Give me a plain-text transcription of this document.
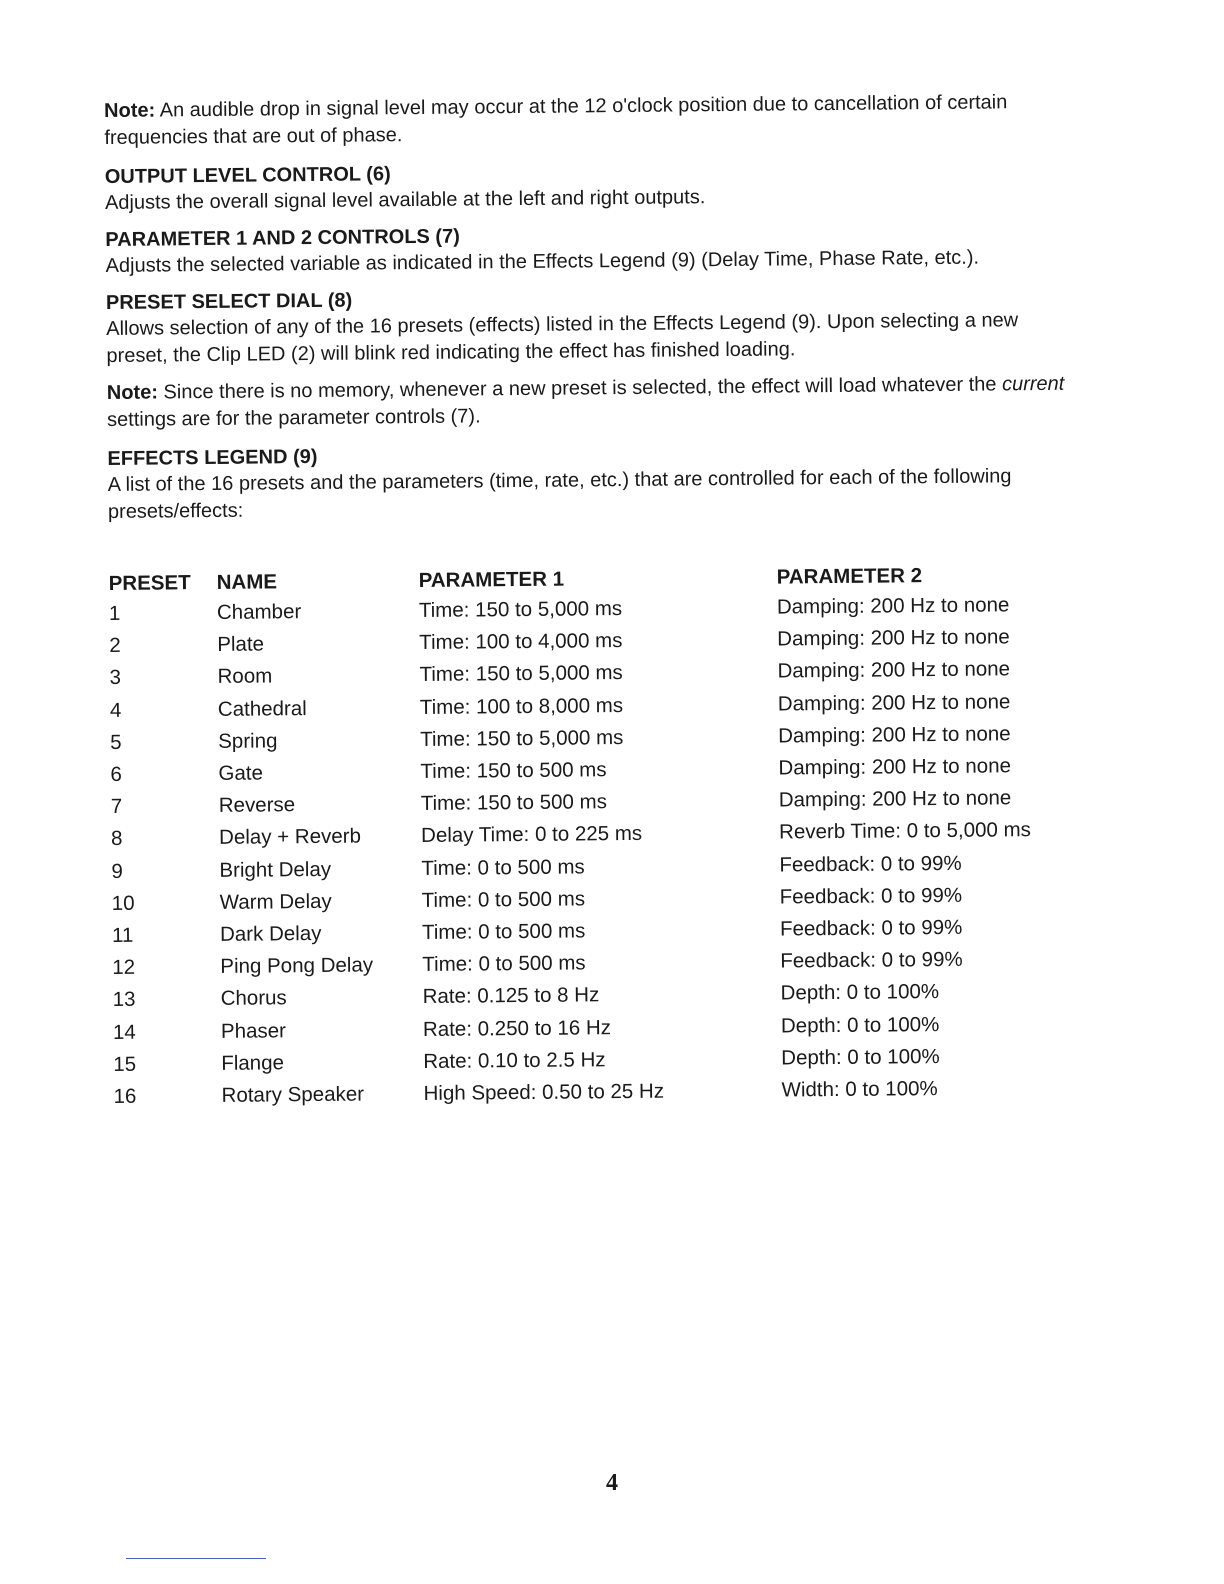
Note: An audible drop in signal level may occur at the 12 o'clock position due to cancellation of certain frequencies that are out of phase.

OUTPUT LEVEL CONTROL (6)

Adjusts the overall signal level available at the left and right outputs.

PARAMETER 1 AND 2 CONTROLS (7)

Adjusts the selected variable as indicated in the Effects Legend (9) (Delay Time, Phase Rate, etc.).

PRESET SELECT DIAL (8)

Allows selection of any of the 16 presets (effects) listed in the Effects Legend (9). Upon selecting a new preset, the Clip LED (2) will blink red indicating the effect has finished loading.

Note: Since there is no memory, whenever a new preset is selected, the effect will load whatever the current settings are for the parameter controls (7).

EFFECTS LEGEND (9)

A list of the 16 presets and the parameters (time, rate, etc.) that are controlled for each of the following presets/effects:

PRESET	NAME	PARAMETER 1	PARAMETER 2
1	Chamber	Time: 150 to 5,000 ms	Damping: 200 Hz to none
2	Plate	Time: 100 to 4,000 ms	Damping: 200 Hz to none
3	Room	Time: 150 to 5,000 ms	Damping: 200 Hz to none
4	Cathedral	Time: 100 to 8,000 ms	Damping: 200 Hz to none
5	Spring	Time: 150 to 5,000 ms	Damping: 200 Hz to none
6	Gate	Time: 150 to 500 ms	Damping: 200 Hz to none
7	Reverse	Time: 150 to 500 ms	Damping: 200 Hz to none
8	Delay + Reverb	Delay Time: 0 to 225 ms	Reverb Time: 0 to 5,000 ms
9	Bright Delay	Time: 0 to 500 ms	Feedback: 0 to 99%
10	Warm Delay	Time: 0 to 500 ms	Feedback: 0 to 99%
11	Dark Delay	Time: 0 to 500 ms	Feedback: 0 to 99%
12	Ping Pong Delay	Time: 0 to 500 ms	Feedback: 0 to 99%
13	Chorus	Rate: 0.125 to 8 Hz	Depth: 0 to 100%
14	Phaser	Rate: 0.250 to 16 Hz	Depth: 0 to 100%
15	Flange	Rate: 0.10 to 2.5 Hz	Depth: 0 to 100%
16	Rotary Speaker	High Speed: 0.50 to 25 Hz	Width: 0 to 100%
4
